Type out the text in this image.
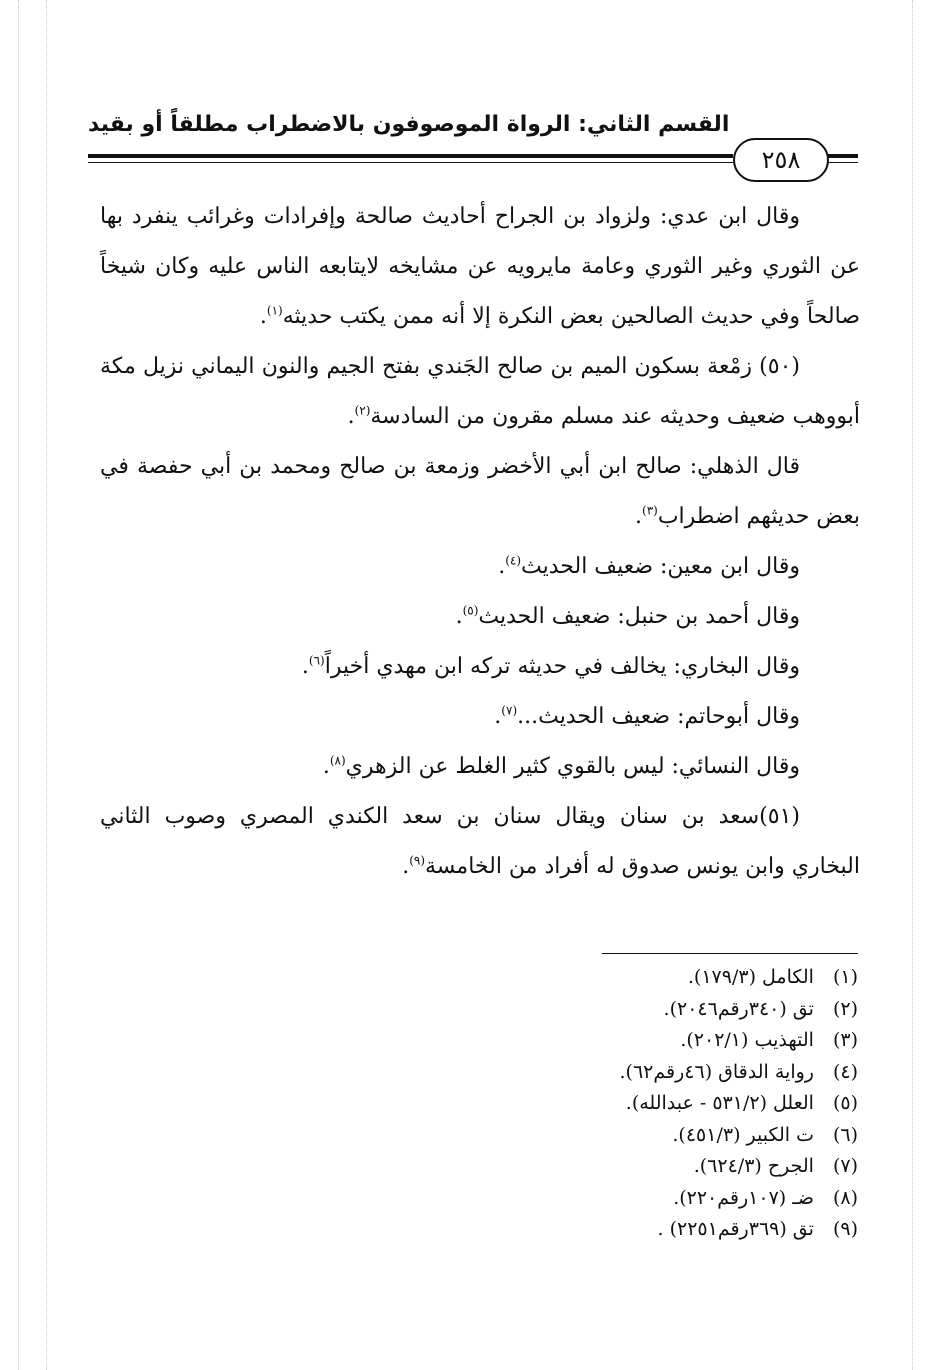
القسم الثاني: الرواة الموصوفون بالاضطراب مطلقاً أو بقيد
٢٥٨

وقال ابن عدي: ولزواد بن الجراح أحاديث صالحة وإفرادات وغرائب ينفرد بها عن الثوري وغير الثوري وعامة مايرويه عن مشايخه لايتابعه الناس عليه وكان شيخاً صالحاً وفي حديث الصالحين بعض النكرة إلا أنه ممن يكتب حديثه$^{(١)}$.

(٥٠) زمْعة بسكون الميم بن صالح الجَندي بفتح الجيم والنون اليماني نزيل مكة أبووهب ضعيف وحديثه عند مسلم مقرون من السادسة$^{(٢)}$.

قال الذهلي: صالح ابن أبي الأخضر وزمعة بن صالح ومحمد بن أبي حفصة في بعض حديثهم اضطراب$^{(٣)}$.

وقال ابن معين: ضعيف الحديث$^{(٤)}$.

وقال أحمد بن حنبل: ضعيف الحديث$^{(٥)}$.

وقال البخاري: يخالف في حديثه تركه ابن مهدي أخيراً$^{(٦)}$.

وقال أبوحاتم: ضعيف الحديث...$^{(٧)}$.

وقال النسائي: ليس بالقوي كثير الغلط عن الزهري$^{(٨)}$.

(٥١)سعد بن سنان ويقال سنان بن سعد الكندي المصري وصوب الثاني البخاري وابن يونس صدوق له أفراد من الخامسة$^{(٩)}$.

(١) الكامل (١٧٩/٣).
(٢) تق (٣٤٠رقم٢٠٤٦).
(٣) التهذيب (٢٠٢/١).
(٤) رواية الدقاق (٤٦رقم٦٢).
(٥) العلل (٥٣١/٢ - عبدالله).
(٦) ت الكبير (٤٥١/٣).
(٧) الجرح (٦٢٤/٣).
(٨) ضـ (١٠٧رقم٢٢٠).
(٩) تق (٣٦٩رقم٢٢٥١) .
